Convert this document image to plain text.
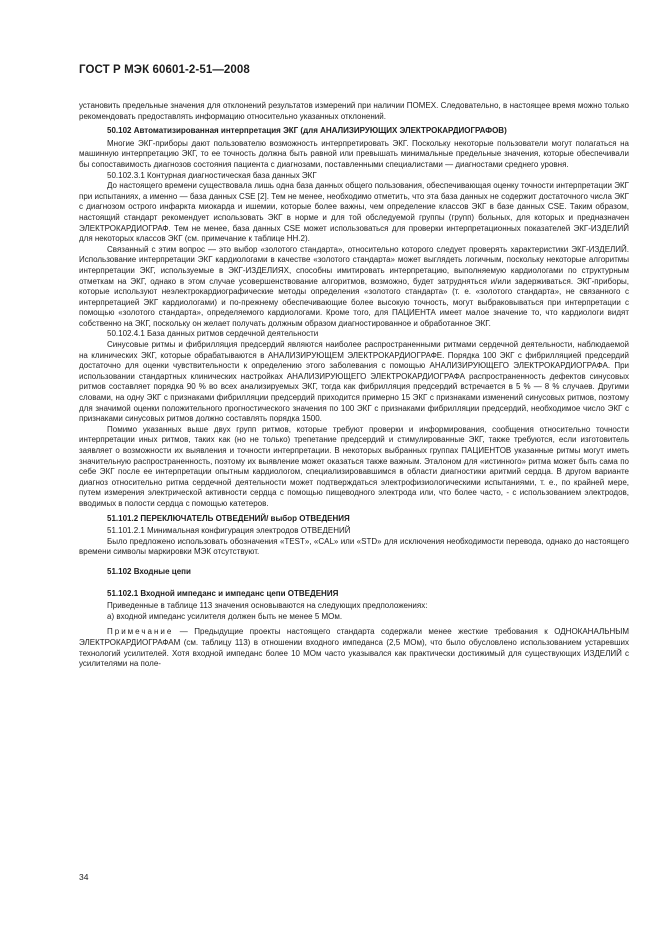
ГОСТ Р МЭК 60601-2-51—2008

установить предельные значения для отклонений результатов измерений при наличии ПОМЕХ. Следовательно, в настоящее время можно только рекомендовать предоставлять информацию относительно указанных отклонений.

50.102 Автоматизированная интерпретация ЭКГ (для АНАЛИЗИРУЮЩИХ ЭЛЕКТРОКАРДИОГРАФОВ)

Многие ЭКГ-приборы дают пользователю возможность интерпретировать ЭКГ. Поскольку некоторые пользователи могут полагаться на машинную интерпретацию ЭКГ, то ее точность должна быть равной или превышать минимальные предельные значения, которые обеспечивали бы сопоставимость диагнозов состояния пациента с диагнозами, поставленными специалистами — диагностами среднего уровня.

50.102.3.1 Контурная диагностическая база данных ЭКГ

До настоящего времени существовала лишь одна база данных общего пользования, обеспечивающая оценку точности интерпретации ЭКГ при испытаниях, а именно — база данных CSE [2]. Тем не менее, необходимо отметить, что эта база данных не содержит достаточного числа ЭКГ с диагнозом острого инфаркта миокарда и ишемии, которые более важны, чем определение классов ЭКГ в базе данных CSE. Таким образом, настоящий стандарт рекомендует использовать ЭКГ в норме и для той обследуемой группы (групп) больных, для которых и предназначен ЭЛЕКТРОКАРДИОГРАФ. Тем не менее, база данных CSE может использоваться для проверки интерпретационных показателей ЭКГ-ИЗДЕЛИЙ для некоторых классов ЭКГ (см. примечание к таблице НН.2).

Связанный с этим вопрос — это выбор «золотого стандарта», относительно которого следует проверять характеристики ЭКГ-ИЗДЕЛИЙ. Использование интерпретации ЭКГ кардиологами в качестве «золотого стандарта» может выглядеть логичным, поскольку некоторые алгоритмы интерпретации ЭКГ, используемые в ЭКГ-ИЗДЕЛИЯХ, способны имитировать интерпретацию, выполняемую кардиологами по структурным отметкам на ЭКГ, однако в этом случае усовершенствование алгоритмов, возможно, будет затрудняться и/или задерживаться. ЭКГ-приборы, которые используют неэлектрокардиографические методы определения «золотого стандарта» (т. е. «золотого стандарта», не связанного с интерпретацией ЭКГ кардиологами) и по-прежнему обеспечивающие более высокую точность, могут выбраковываться при интерпретации с помощью «золотого стандарта», определяемого кардиологами. Кроме того, для ПАЦИЕНТА имеет малое значение то, что кардиологи видят собственно на ЭКГ, поскольку он желает получать должным образом диагностированное и обработанное ЭКГ.

50.102.4.1 База данных ритмов сердечной деятельности

Синусовые ритмы и фибрилляция предсердий являются наиболее распространенными ритмами сердечной деятельности, наблюдаемой на клинических ЭКГ, которые обрабатываются в АНАЛИЗИРУЮЩЕМ ЭЛЕКТРОКАРДИОГРАФЕ. Порядка 100 ЭКГ с фибрилляцией предсердий достаточно для оценки чувствительности к определению этого заболевания с помощью АНАЛИЗИРУЮЩЕГО ЭЛЕКТРОКАРДИОГРАФА. При использовании стандартных клинических настройках АНАЛИЗИРУЮЩЕГО ЭЛЕКТРОКАРДИОГРАФА распространенность дефектов синусовых ритмов составляет порядка 90 % во всех анализируемых ЭКГ, тогда как фибрилляция предсердий встречается в 5 % — 8 % случаев. Другими словами, на одну ЭКГ с признаками фибрилляции предсердий приходится примерно 15 ЭКГ с признаками изменений синусовых ритмов, поэтому для значимой оценки положительного прогностического значения по 100 ЭКГ с признаками фибрилляции предсердий, необходимое число ЭКГ с признаками синусовых ритмов должно составлять порядка 1500.

Помимо указанных выше двух групп ритмов, которые требуют проверки и информирования, сообщения относительно точности интерпретации иных ритмов, таких как (но не только) трепетание предсердий и стимулированные ЭКГ, также требуются, если изготовитель заявляет о возможности их выявления и точности интерпретации. В некоторых выбранных группах ПАЦИЕНТОВ указанные ритмы могут иметь значительную распространенность, поэтому их выявление может оказаться также важным. Эталоном для «истинного» ритма может быть сама по себе ЭКГ после ее интерпретации опытным кардиологом, специализировавшимся в области диагностики аритмий сердца. В другом варианте диагноз относительно ритма сердечной деятельности может подтверждаться электрофизиологическими испытаниями, т. е., по крайней мере, путем измерения электрической активности сердца с помощью пищеводного электрода или, что более часто, - с использованием электродов, вводимых в полости сердца с помощью катетеров.

51.101.2 ПЕРЕКЛЮЧАТЕЛЬ ОТВЕДЕНИЙ/ выбор ОТВЕДЕНИЯ

51.101.2.1 Минимальная конфигурация электродов ОТВЕДЕНИЙ

Было предложено использовать обозначения «TEST», «CAL» или «STD» для исключения необходимости перевода, однако до настоящего времени символы маркировки МЭК отсутствуют.

51.102 Входные цепи

51.102.1 Входной импеданс и импеданс цепи ОТВЕДЕНИЯ

Приведенные в таблице 113 значения основываются на следующих предположениях:

а) входной импеданс усилителя должен быть не менее 5 МОм.

Примечание — Предыдущие проекты настоящего стандарта содержали менее жесткие требования к ОДНОКАНАЛЬНЫМ ЭЛЕКТРОКАРДИОГРАФАМ (см. таблицу 113) в отношении входного импеданса (2,5 МОм), что было обусловлено использованием устаревших технологий усилителей. Хотя входной импеданс более 10 МОм часто указывался как практически достижимый для существующих ИЗДЕЛИЙ с усилителями на поле-

34
